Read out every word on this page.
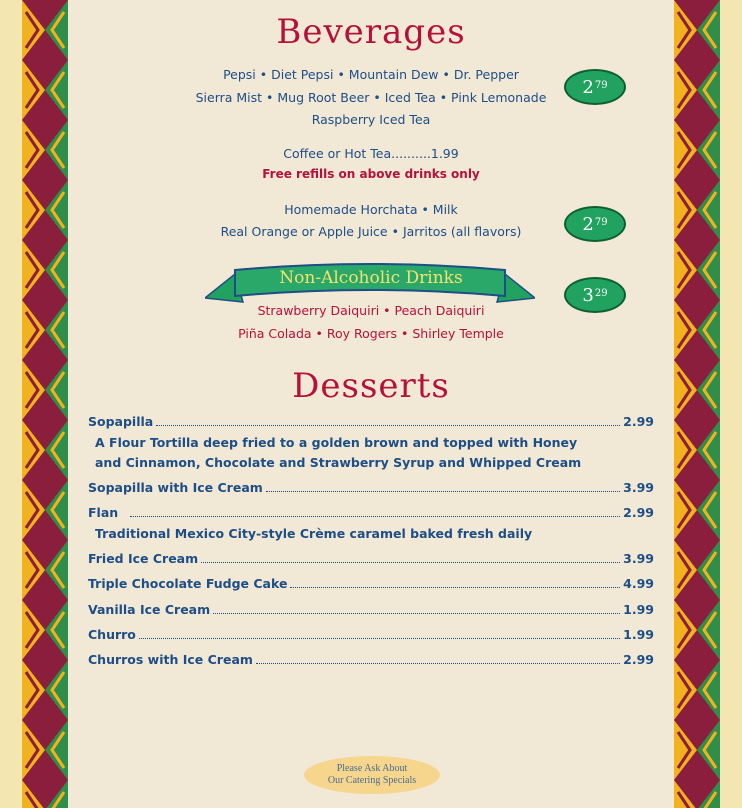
Beverages
Pepsi • Diet Pepsi • Mountain Dew • Dr. Pepper
Sierra Mist • Mug Root Beer • Iced Tea • Pink Lemonade
Raspberry Iced Tea
$2^{79}$
Coffee or Hot Tea..........1.99
Free refills on above drinks only
Homemade Horchata • Milk
Real Orange or Apple Juice • Jarritos (all flavors)	$2^{79}$
Non-Alcoholic Drinks
$3^{29}$
Strawberry Daiquiri • Peach Daiquiri
Piña Colada • Roy Rogers • Shirley Temple
Desserts
Sopapilla	2.99
A Flour Tortilla deep fried to a golden brown and topped with Honey
and Cinnamon, Chocolate and Strawberry Syrup and Whipped Cream
Sopapilla with Ice Cream	3.99
Flan	2.99
Traditional Mexico City-style Crème caramel baked fresh daily
Fried Ice Cream	3.99
Triple Chocolate Fudge Cake	4.99
Vanilla Ice Cream	1.99
Churro	1.99
Churros with Ice Cream	2.99
Please Ask About
Our Catering Specials
